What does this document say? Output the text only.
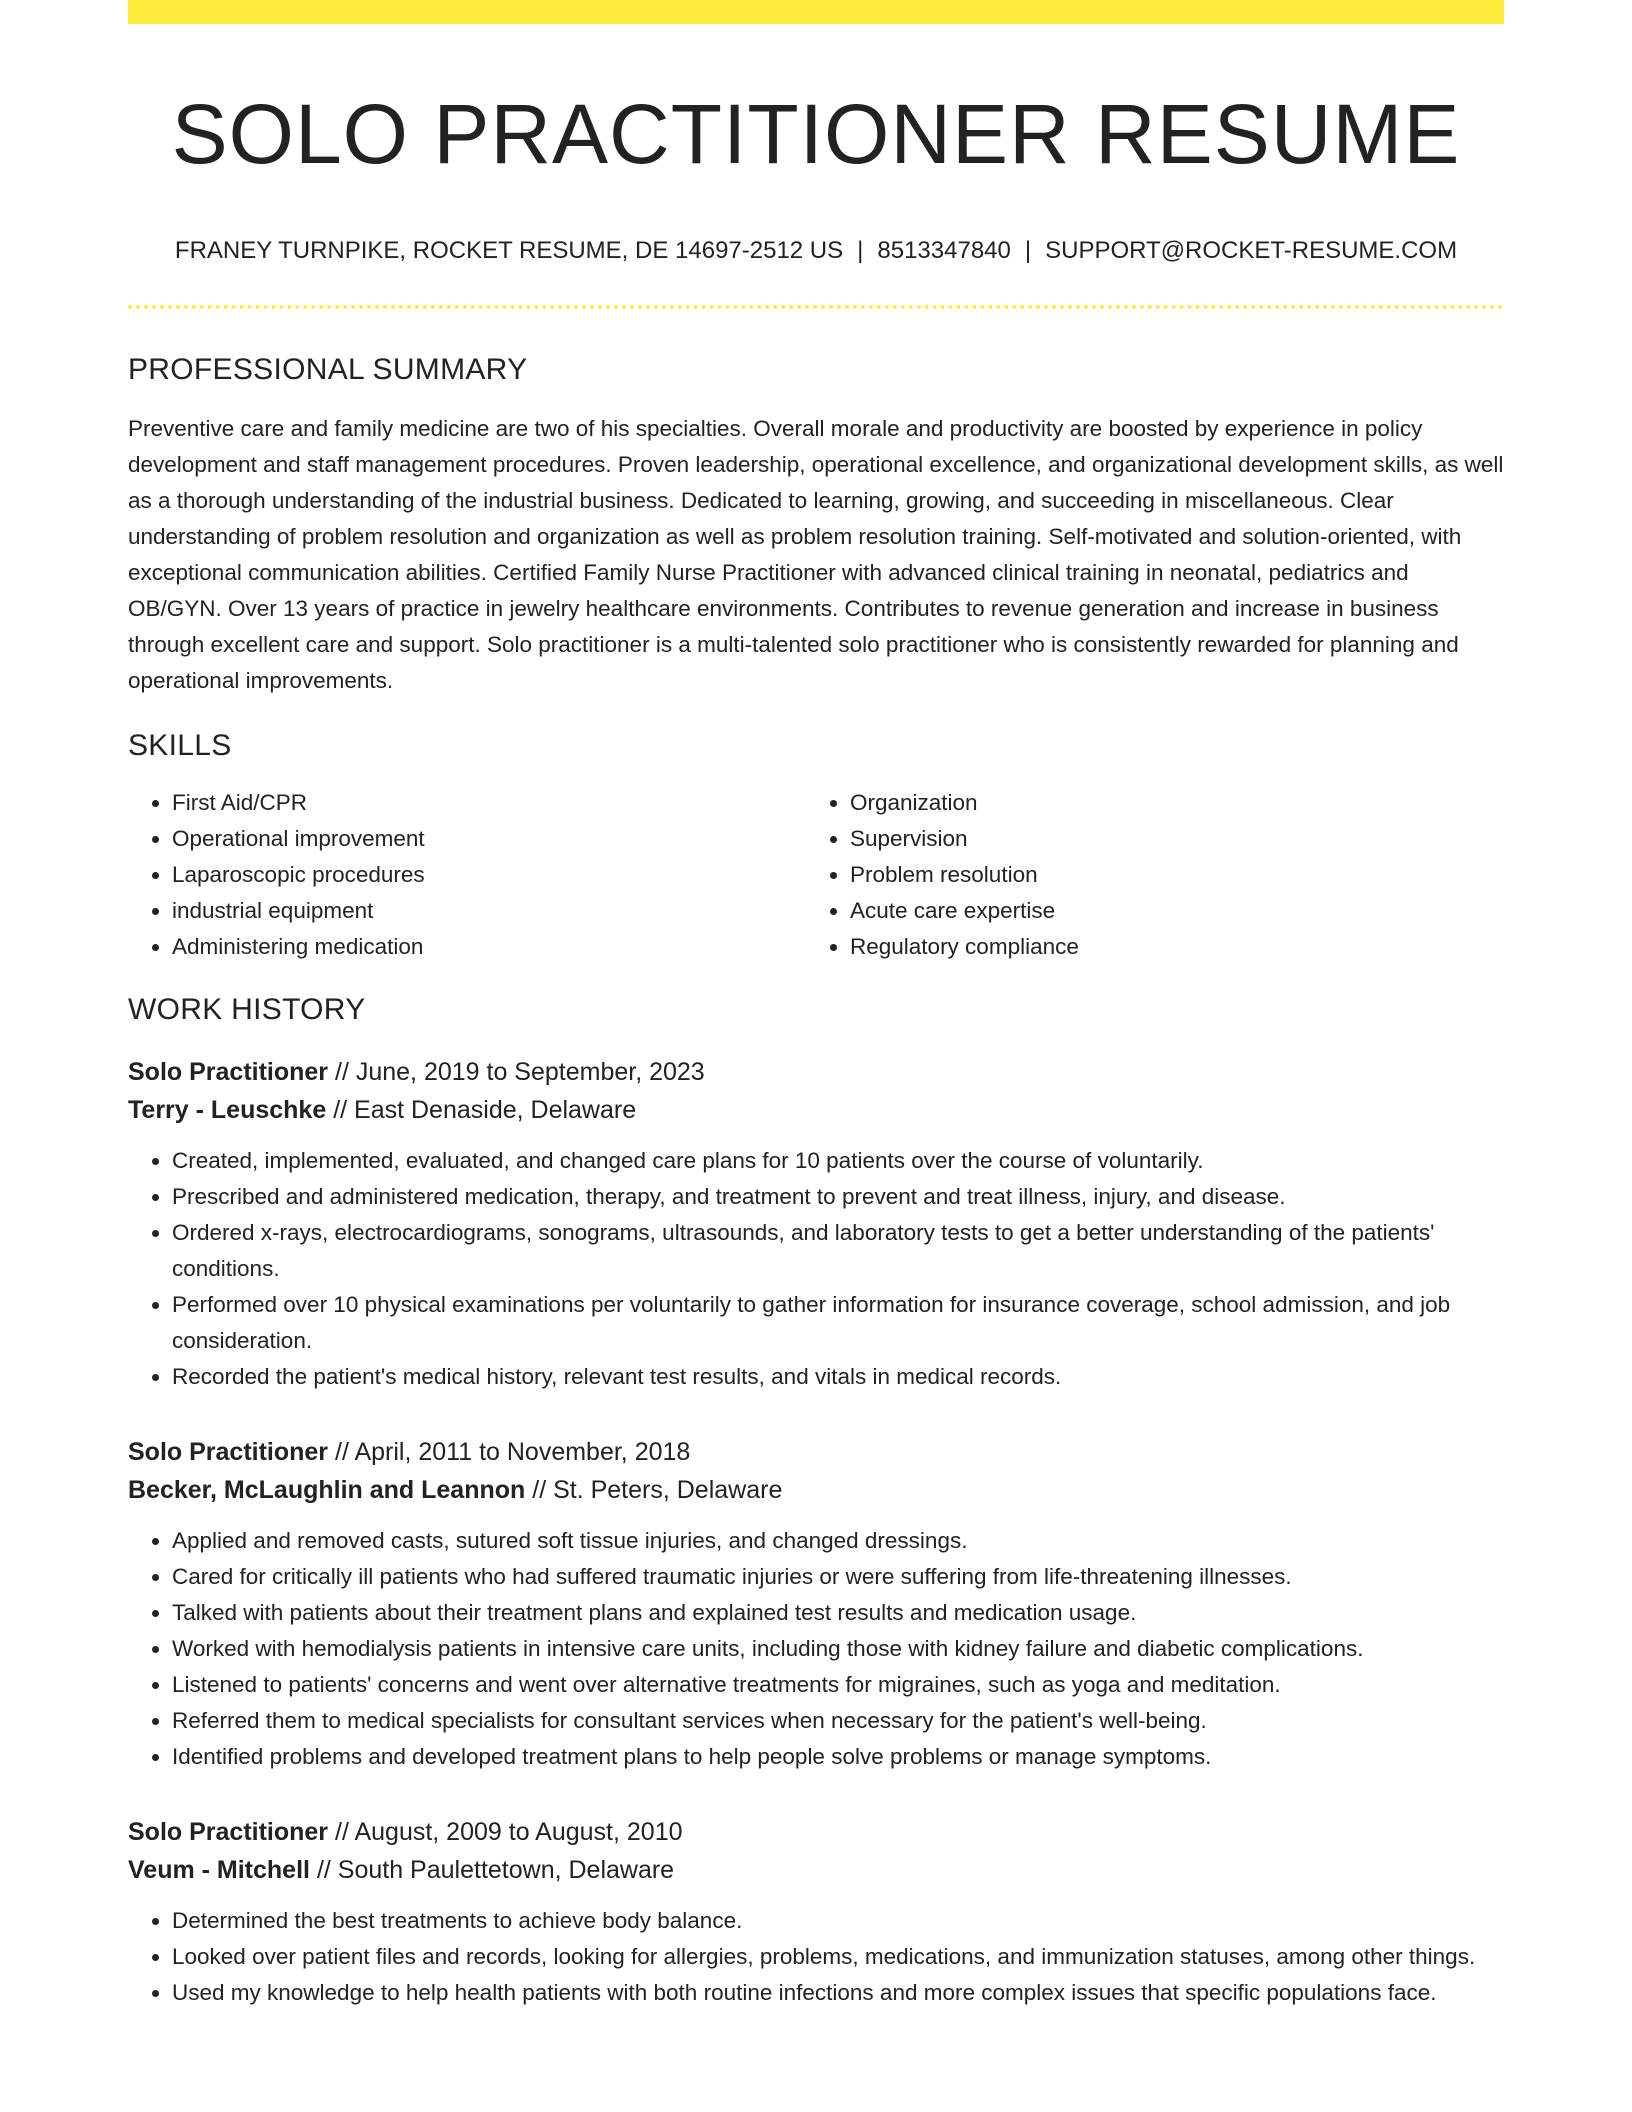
SOLO PRACTITIONER RESUME
FRANEY TURNPIKE, ROCKET RESUME, DE 14697-2512 US | 8513347840 | SUPPORT@ROCKET-RESUME.COM
PROFESSIONAL SUMMARY
Preventive care and family medicine are two of his specialties. Overall morale and productivity are boosted by experience in policy development and staff management procedures. Proven leadership, operational excellence, and organizational development skills, as well as a thorough understanding of the industrial business. Dedicated to learning, growing, and succeeding in miscellaneous. Clear understanding of problem resolution and organization as well as problem resolution training. Self-motivated and solution-oriented, with exceptional communication abilities. Certified Family Nurse Practitioner with advanced clinical training in neonatal, pediatrics and OB/GYN. Over 13 years of practice in jewelry healthcare environments. Contributes to revenue generation and increase in business through excellent care and support. Solo practitioner is a multi-talented solo practitioner who is consistently rewarded for planning and operational improvements.
SKILLS
• First Aid/CPR
• Operational improvement
• Laparoscopic procedures
• industrial equipment
• Administering medication
• Organization
• Supervision
• Problem resolution
• Acute care expertise
• Regulatory compliance
WORK HISTORY
Solo Practitioner // June, 2019 to September, 2023
Terry - Leuschke // East Denaside, Delaware
• Created, implemented, evaluated, and changed care plans for 10 patients over the course of voluntarily.
• Prescribed and administered medication, therapy, and treatment to prevent and treat illness, injury, and disease.
• Ordered x-rays, electrocardiograms, sonograms, ultrasounds, and laboratory tests to get a better understanding of the patients' conditions.
• Performed over 10 physical examinations per voluntarily to gather information for insurance coverage, school admission, and job consideration.
• Recorded the patient's medical history, relevant test results, and vitals in medical records.
Solo Practitioner // April, 2011 to November, 2018
Becker, McLaughlin and Leannon // St. Peters, Delaware
• Applied and removed casts, sutured soft tissue injuries, and changed dressings.
• Cared for critically ill patients who had suffered traumatic injuries or were suffering from life-threatening illnesses.
• Talked with patients about their treatment plans and explained test results and medication usage.
• Worked with hemodialysis patients in intensive care units, including those with kidney failure and diabetic complications.
• Listened to patients' concerns and went over alternative treatments for migraines, such as yoga and meditation.
• Referred them to medical specialists for consultant services when necessary for the patient's well-being.
• Identified problems and developed treatment plans to help people solve problems or manage symptoms.
Solo Practitioner // August, 2009 to August, 2010
Veum - Mitchell // South Paulettetown, Delaware
• Determined the best treatments to achieve body balance.
• Looked over patient files and records, looking for allergies, problems, medications, and immunization statuses, among other things.
• Used my knowledge to help health patients with both routine infections and more complex issues that specific populations face.
